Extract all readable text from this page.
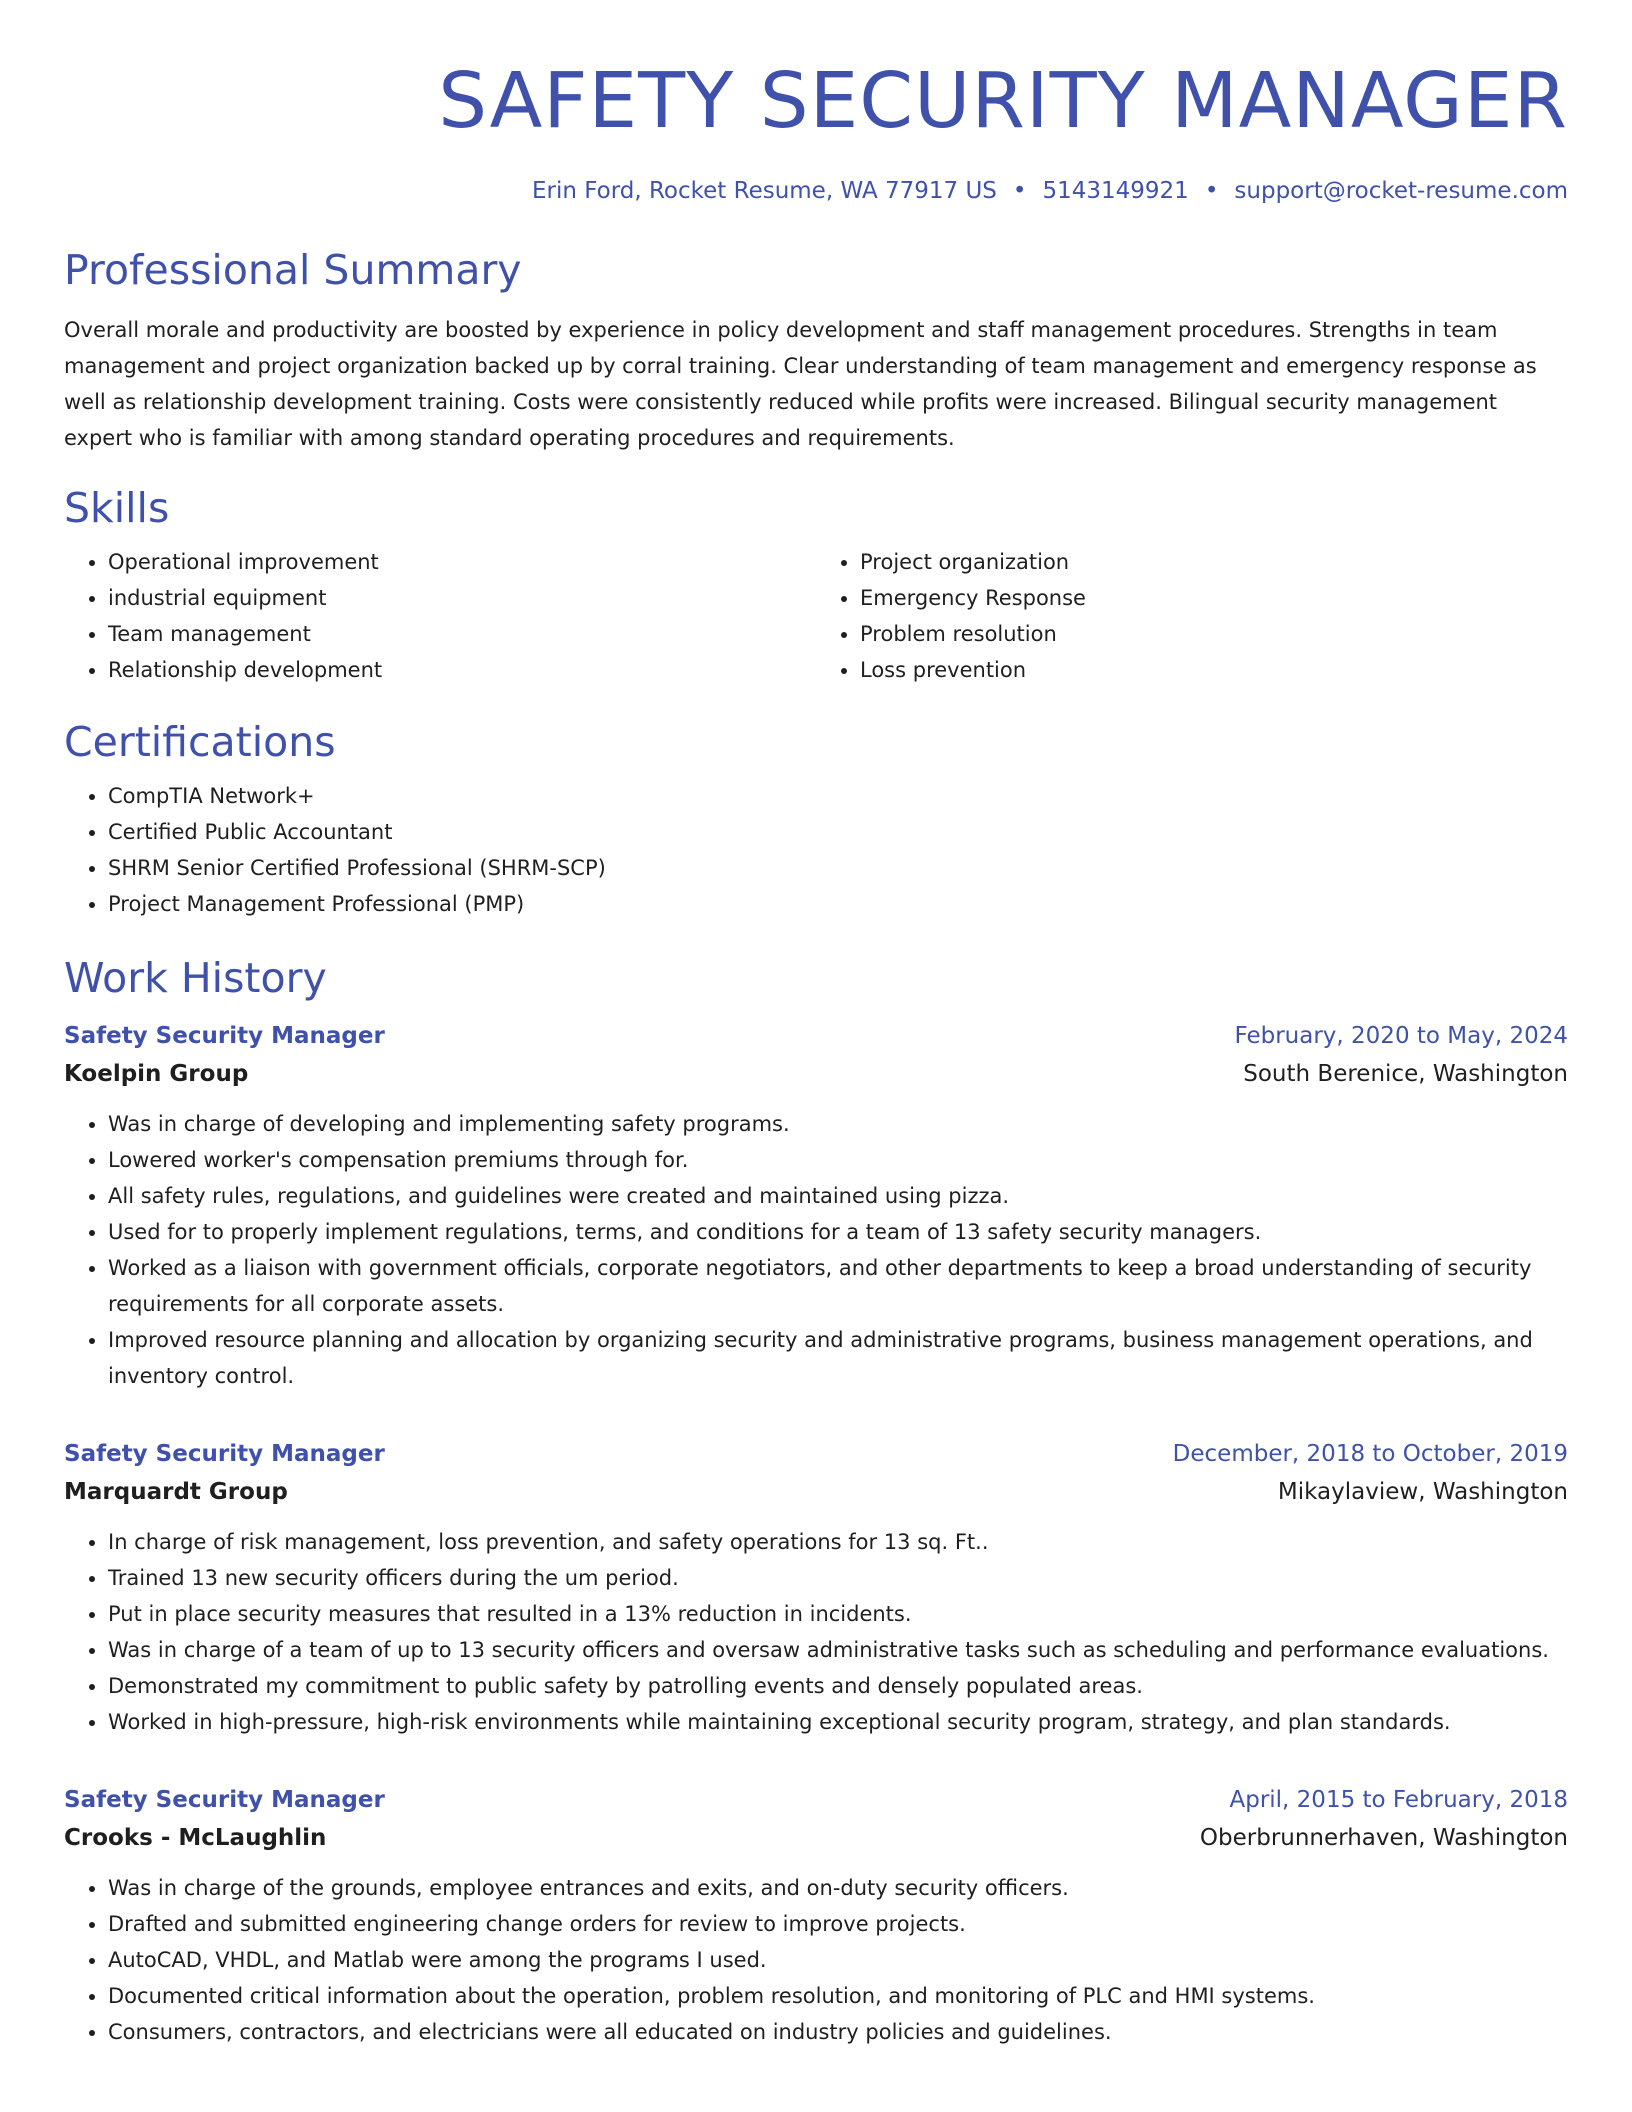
SAFETY SECURITY MANAGER
Erin Ford, Rocket Resume, WA 77917 US • 5143149921 • support@rocket-resume.com
Professional Summary

Overall morale and productivity are boosted by experience in policy development and staff management procedures. Strengths in team management and project organization backed up by corral training. Clear understanding of team management and emergency response as well as relationship development training. Costs were consistently reduced while profits were increased. Bilingual security management expert who is familiar with among standard operating procedures and requirements.

Skills
• Operational improvement
• industrial equipment
• Team management
• Relationship development
• Project organization
• Emergency Response
• Problem resolution
• Loss prevention
Certifications
• CompTIA Network+
• Certified Public Accountant
• SHRM Senior Certified Professional (SHRM-SCP)
• Project Management Professional (PMP)
Work History
Safety Security Manager	February, 2020 to May, 2024
Koelpin Group	South Berenice, Washington
• Was in charge of developing and implementing safety programs.
• Lowered worker's compensation premiums through for.
• All safety rules, regulations, and guidelines were created and maintained using pizza.
• Used for to properly implement regulations, terms, and conditions for a team of 13 safety security managers.
• Worked as a liaison with government officials, corporate negotiators, and other departments to keep a broad understanding of security requirements for all corporate assets.
• Improved resource planning and allocation by organizing security and administrative programs, business management operations, and inventory control.
Safety Security Manager	December, 2018 to October, 2019
Marquardt Group	Mikaylaview, Washington
• In charge of risk management, loss prevention, and safety operations for 13 sq. Ft..
• Trained 13 new security officers during the um period.
• Put in place security measures that resulted in a 13% reduction in incidents.
• Was in charge of a team of up to 13 security officers and oversaw administrative tasks such as scheduling and performance evaluations.
• Demonstrated my commitment to public safety by patrolling events and densely populated areas.
• Worked in high-pressure, high-risk environments while maintaining exceptional security program, strategy, and plan standards.
Safety Security Manager	April, 2015 to February, 2018
Crooks - McLaughlin	Oberbrunnerhaven, Washington
• Was in charge of the grounds, employee entrances and exits, and on-duty security officers.
• Drafted and submitted engineering change orders for review to improve projects.
• AutoCAD, VHDL, and Matlab were among the programs I used.
• Documented critical information about the operation, problem resolution, and monitoring of PLC and HMI systems.
• Consumers, contractors, and electricians were all educated on industry policies and guidelines.
